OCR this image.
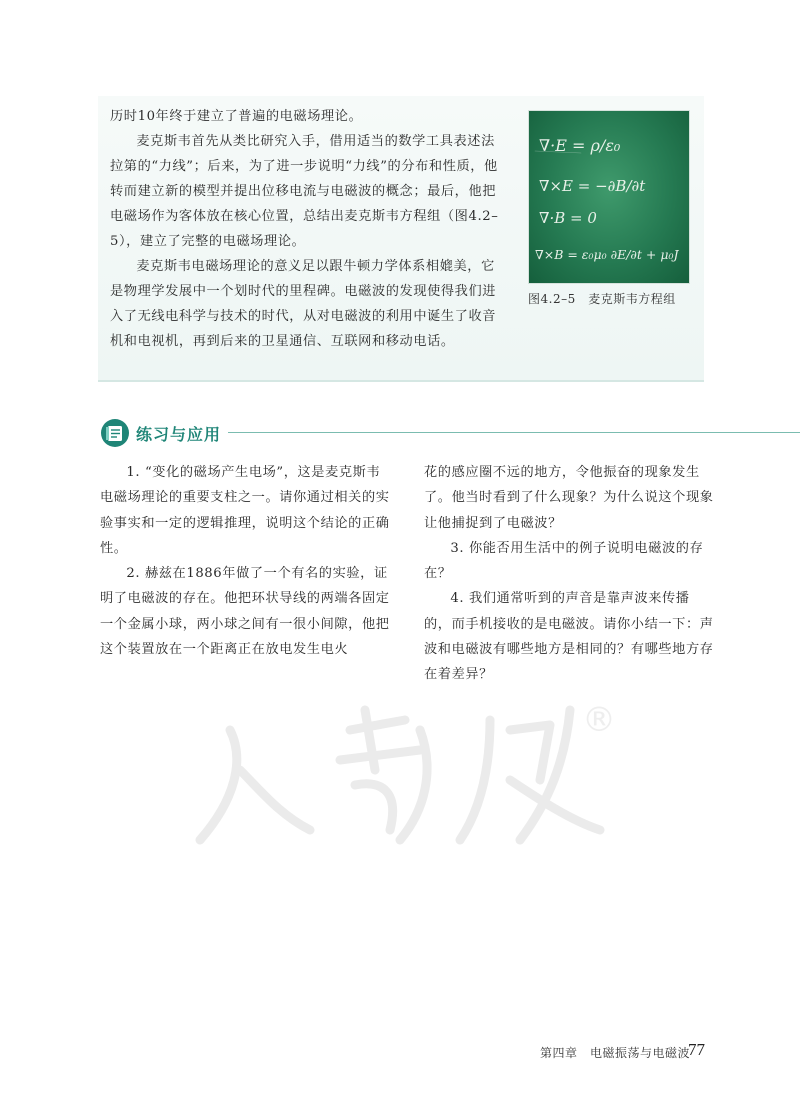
历时10年终于建立了普遍的电磁场理论。

麦克斯韦首先从类比研究入手，借用适当的数学工具表述法拉第的“力线”；后来，为了进一步说明“力线”的分布和性质，他转而建立新的模型并提出位移电流与电磁波的概念；最后，他把电磁场作为客体放在核心位置，总结出麦克斯韦方程组（图4.2–5），建立了完整的电磁场理论。

麦克斯韦电磁场理论的意义足以跟牛顿力学体系相媲美，它是物理学发展中一个划时代的里程碑。电磁波的发现使得我们进入了无线电科学与技术的时代，从对电磁波的利用中诞生了收音机和电视机，再到后来的卫星通信、互联网和移动电话。

∇·E = ρ/ε₀
∇×E = −∂B/∂t
∇·B = 0
∇×B = ε₀μ₀ ∂E/∂t + μ₀J
图4.2–5　麦克斯韦方程组
练习与应用

1. “变化的磁场产生电场”，这是麦克斯韦电磁场理论的重要支柱之一。请你通过相关的实验事实和一定的逻辑推理，说明这个结论的正确性。

2. 赫兹在1886年做了一个有名的实验，证明了电磁波的存在。他把环状导线的两端各固定一个金属小球，两小球之间有一很小间隙，他把这个装置放在一个距离正在放电发生电火

花的感应圈不远的地方，令他振奋的现象发生了。他当时看到了什么现象？为什么说这个现象让他捕捉到了电磁波？

3. 你能否用生活中的例子说明电磁波的存在？

4. 我们通常听到的声音是靠声波来传播的，而手机接收的是电磁波。请你小结一下：声波和电磁波有哪些地方是相同的？有哪些地方存在着差异？

®
第四章　电磁振荡与电磁波
77
